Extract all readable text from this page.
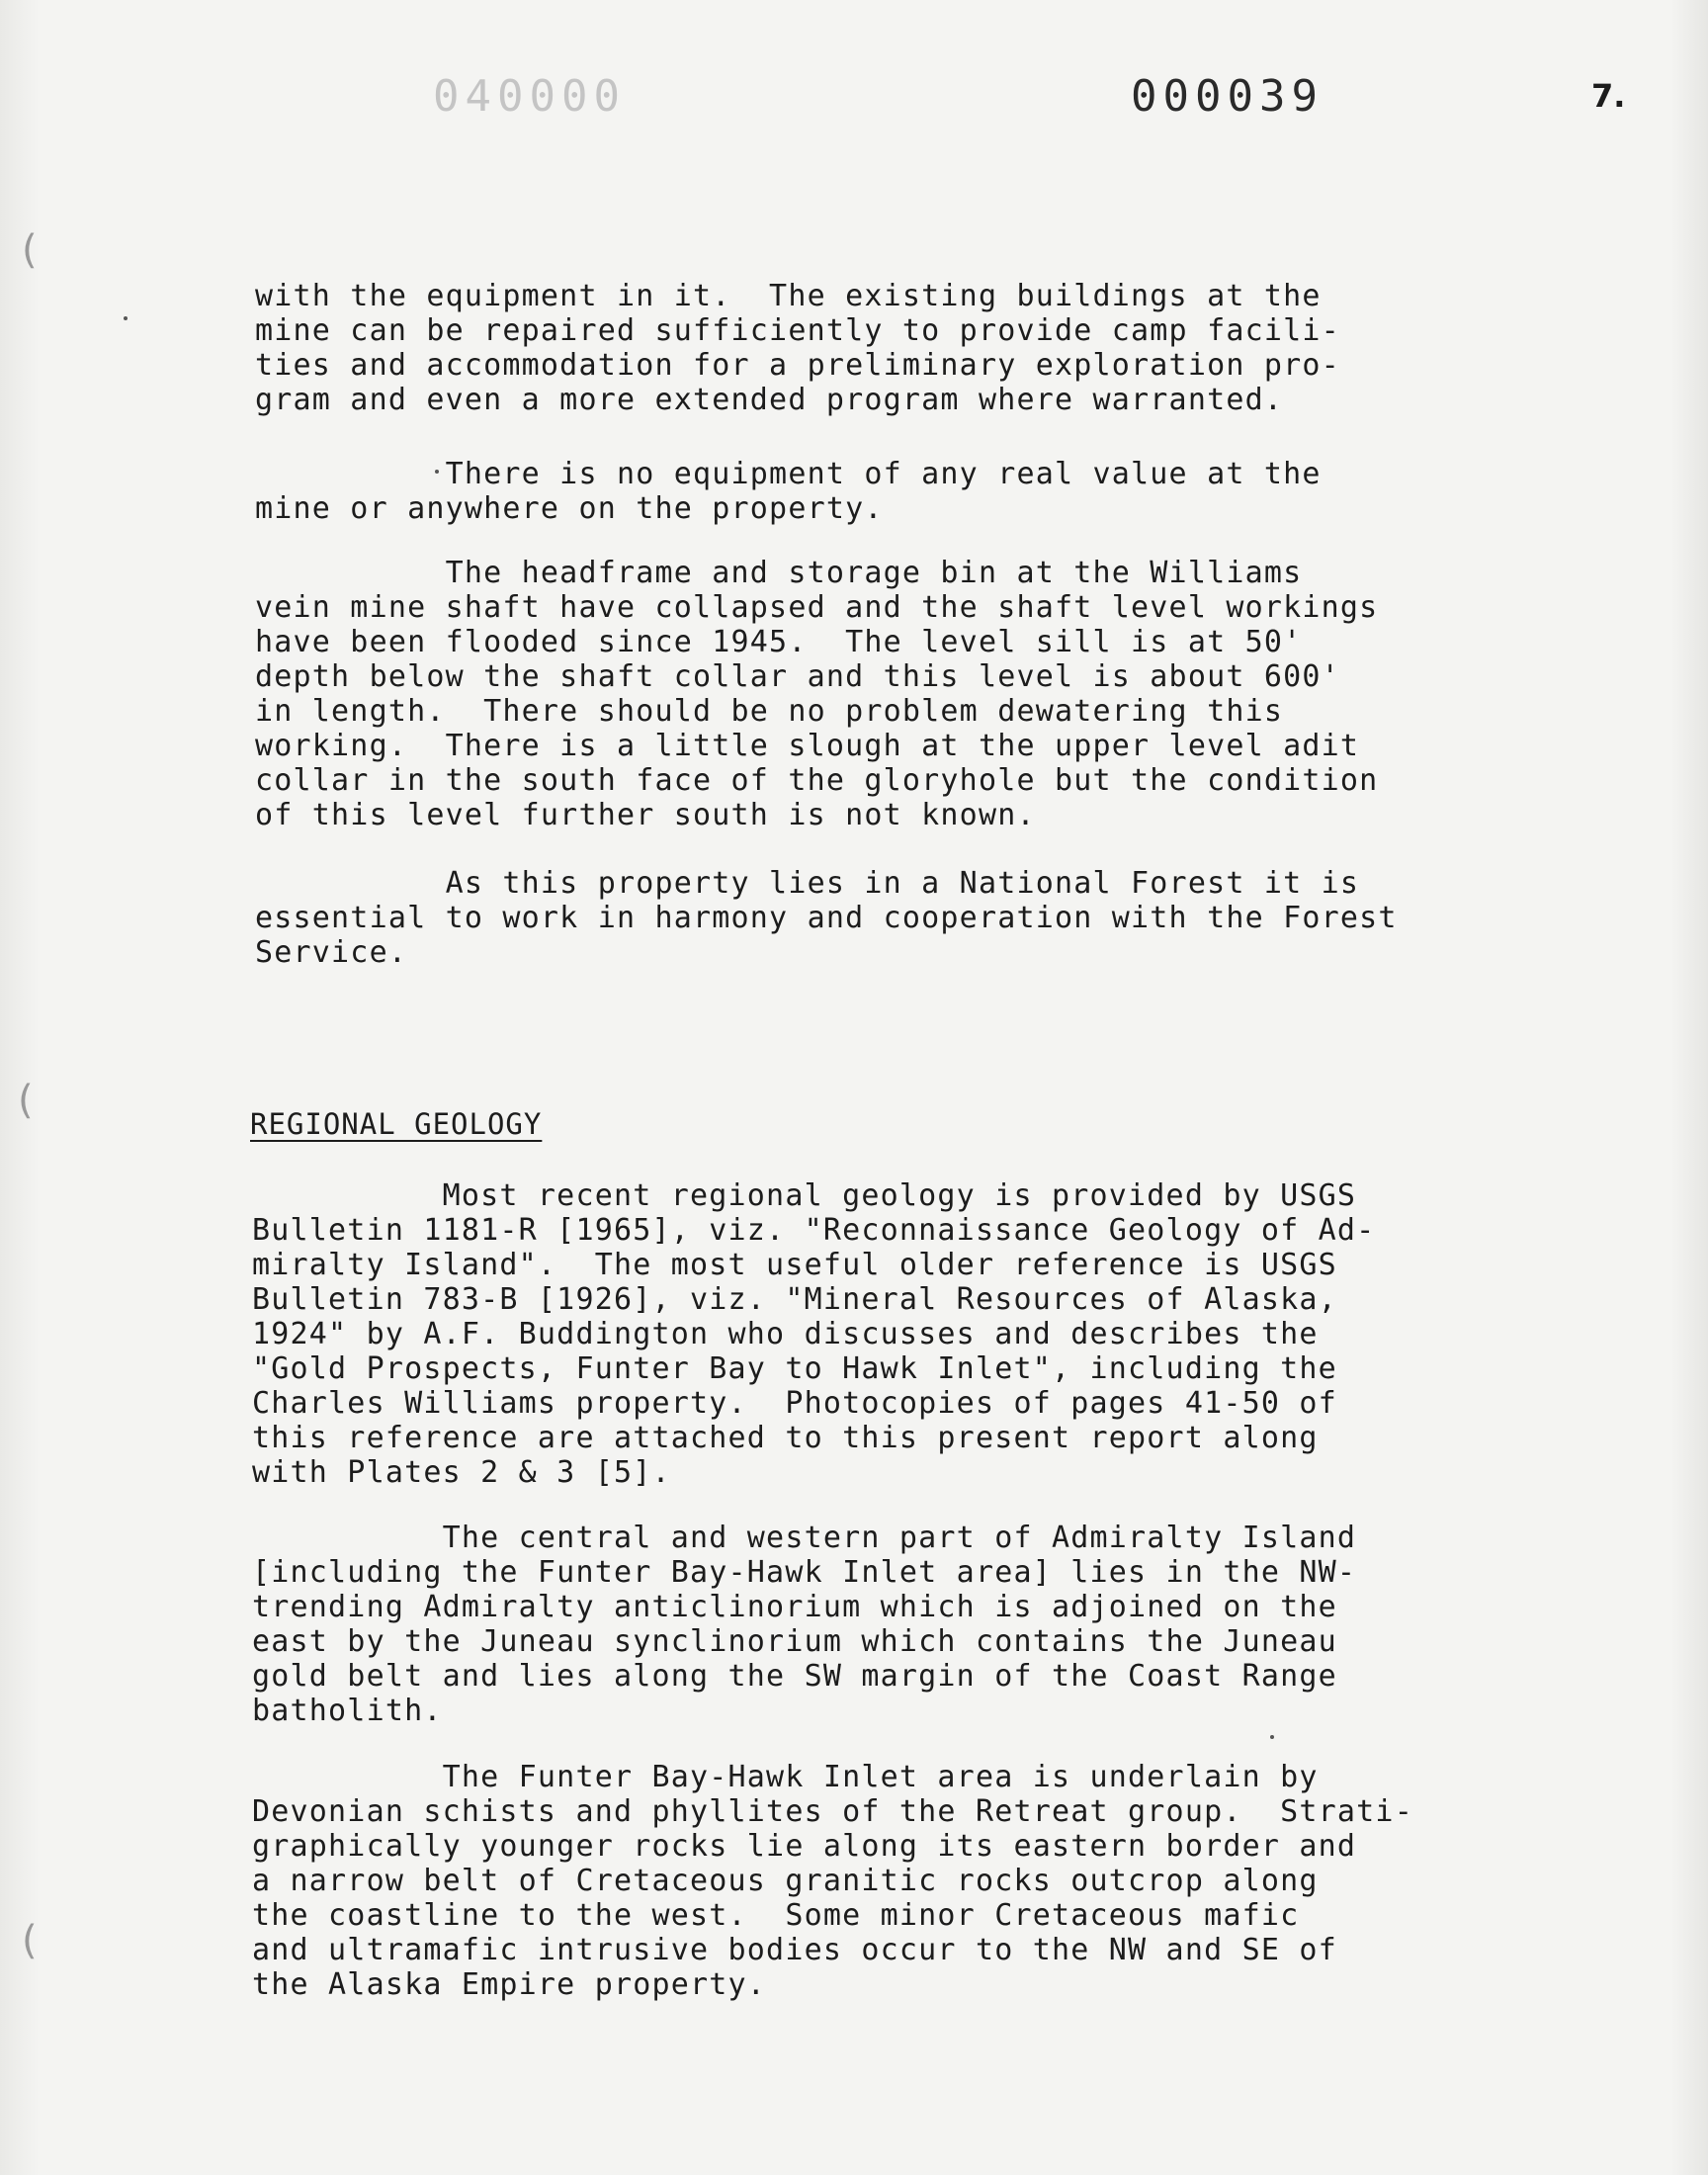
040000	000039	7.
(
(
(

with the equipment in it.  The existing buildings at the
mine can be repaired sufficiently to provide camp facili-
ties and accommodation for a preliminary exploration pro-
gram and even a more extended program where warranted.

There is no equipment of any real value at the
mine or anywhere on the property.

The headframe and storage bin at the Williams
vein mine shaft have collapsed and the shaft level workings
have been flooded since 1945.  The level sill is at 50'
depth below the shaft collar and this level is about 600'
in length.  There should be no problem dewatering this
working.  There is a little slough at the upper level adit
collar in the south face of the gloryhole but the condition
of this level further south is not known.

As this property lies in a National Forest it is
essential to work in harmony and cooperation with the Forest
Service.

REGIONAL GEOLOGY

Most recent regional geology is provided by USGS
Bulletin 1181-R [1965], viz. "Reconnaissance Geology of Ad-
miralty Island".  The most useful older reference is USGS
Bulletin 783-B [1926], viz. "Mineral Resources of Alaska,
1924" by A.F. Buddington who discusses and describes the
"Gold Prospects, Funter Bay to Hawk Inlet", including the
Charles Williams property.  Photocopies of pages 41-50 of
this reference are attached to this present report along
with Plates 2 & 3 [5].

The central and western part of Admiralty Island
[including the Funter Bay-Hawk Inlet area] lies in the NW-
trending Admiralty anticlinorium which is adjoined on the
east by the Juneau synclinorium which contains the Juneau
gold belt and lies along the SW margin of the Coast Range
batholith.

The Funter Bay-Hawk Inlet area is underlain by
Devonian schists and phyllites of the Retreat group.  Strati-
graphically younger rocks lie along its eastern border and
a narrow belt of Cretaceous granitic rocks outcrop along
the coastline to the west.  Some minor Cretaceous mafic
and ultramafic intrusive bodies occur to the NW and SE of
the Alaska Empire property.
